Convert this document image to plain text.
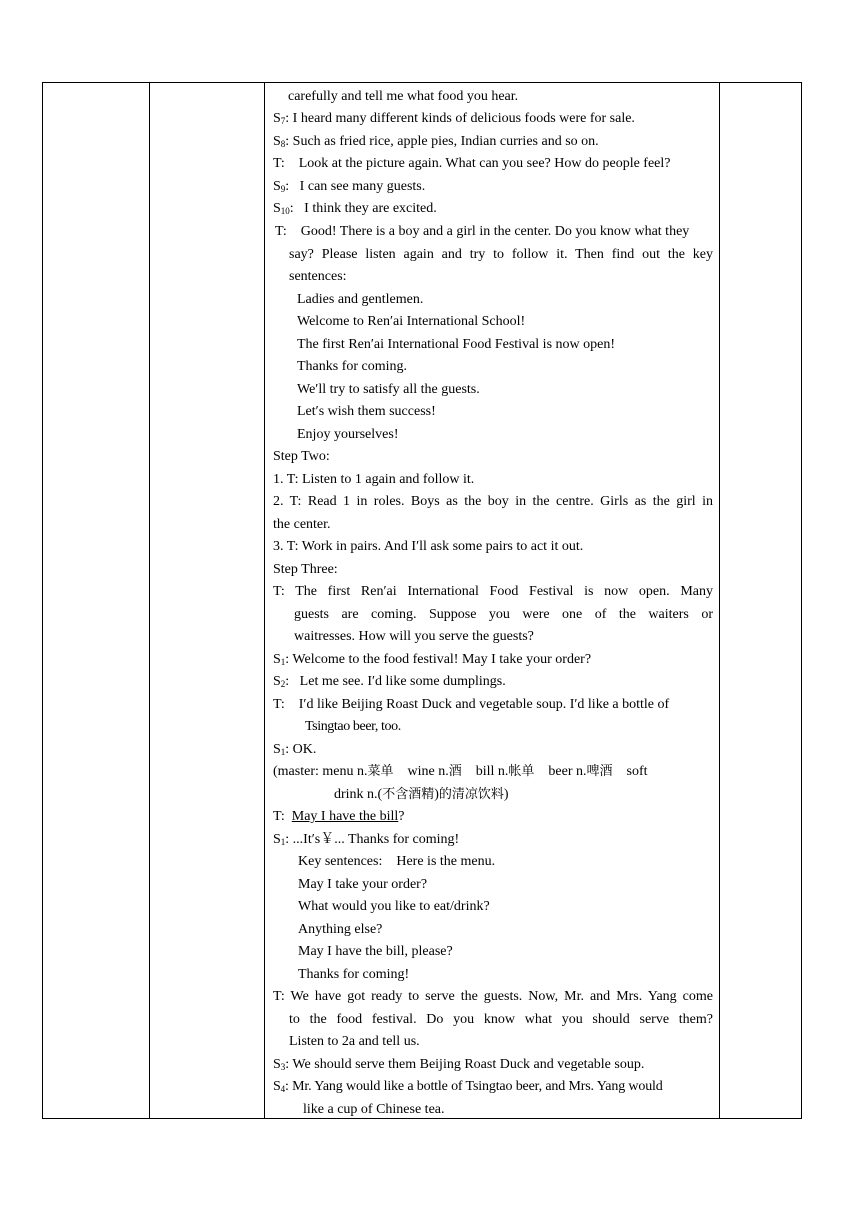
carefully and tell me what food you hear.
$S_7$: I heard many different kinds of delicious foods were for sale.
$S_8$: Such as fried rice, apple pies, Indian curries and so on.
T:    Look at the picture again. What can you see? How do people feel?
$S_9$:   I can see many guests.
$S_{10}$:   I think they are excited.
T:    Good! There is a boy and a girl in the center. Do you know what they
say? Please listen again and try to follow it. Then find out the key
sentences:
Ladies and gentlemen.
Welcome to Ren′ai International School!
The first Ren′ai International Food Festival is now open!
Thanks for coming.
We′ll try to satisfy all the guests.
Let′s wish them success!
Enjoy yourselves!
Step Two:
1. T: Listen to 1 again and follow it.
2. T: Read 1 in roles. Boys as the boy in the centre. Girls as the girl in
the center.
3. T: Work in pairs. And I′ll ask some pairs to act it out.
Step Three:
T: The first Ren′ai International Food Festival is now open. Many
guests are coming. Suppose you were one of the waiters or
waitresses. How will you serve the guests?
$S_1$: Welcome to the food festival! May I take your order?
$S_2$:   Let me see. I′d like some dumplings.
T:    I′d like Beijing Roast Duck and vegetable soup. I′d like a bottle of
Tsingtao beer, too.
$S_1$: OK.
(master: menu n.菜单    wine n.酒    bill n.帐单    beer n.啤酒    soft
drink n.(不含酒精)的清凉饮料)
T:  May I have the bill?
$S_1$: ...It′s￥... Thanks for coming!
Key sentences:    Here is the menu.
May I take your order?
What would you like to eat/drink?
Anything else?
May I have the bill, please?
Thanks for coming!
T: We have got ready to serve the guests. Now, Mr. and Mrs. Yang come
to the food festival. Do you know what you should serve them?
Listen to 2a and tell us.
$S_3$: We should serve them Beijing Roast Duck and vegetable soup.
$S_4$: Mr. Yang would like a bottle of Tsingtao beer, and Mrs. Yang would
like a cup of Chinese tea.
